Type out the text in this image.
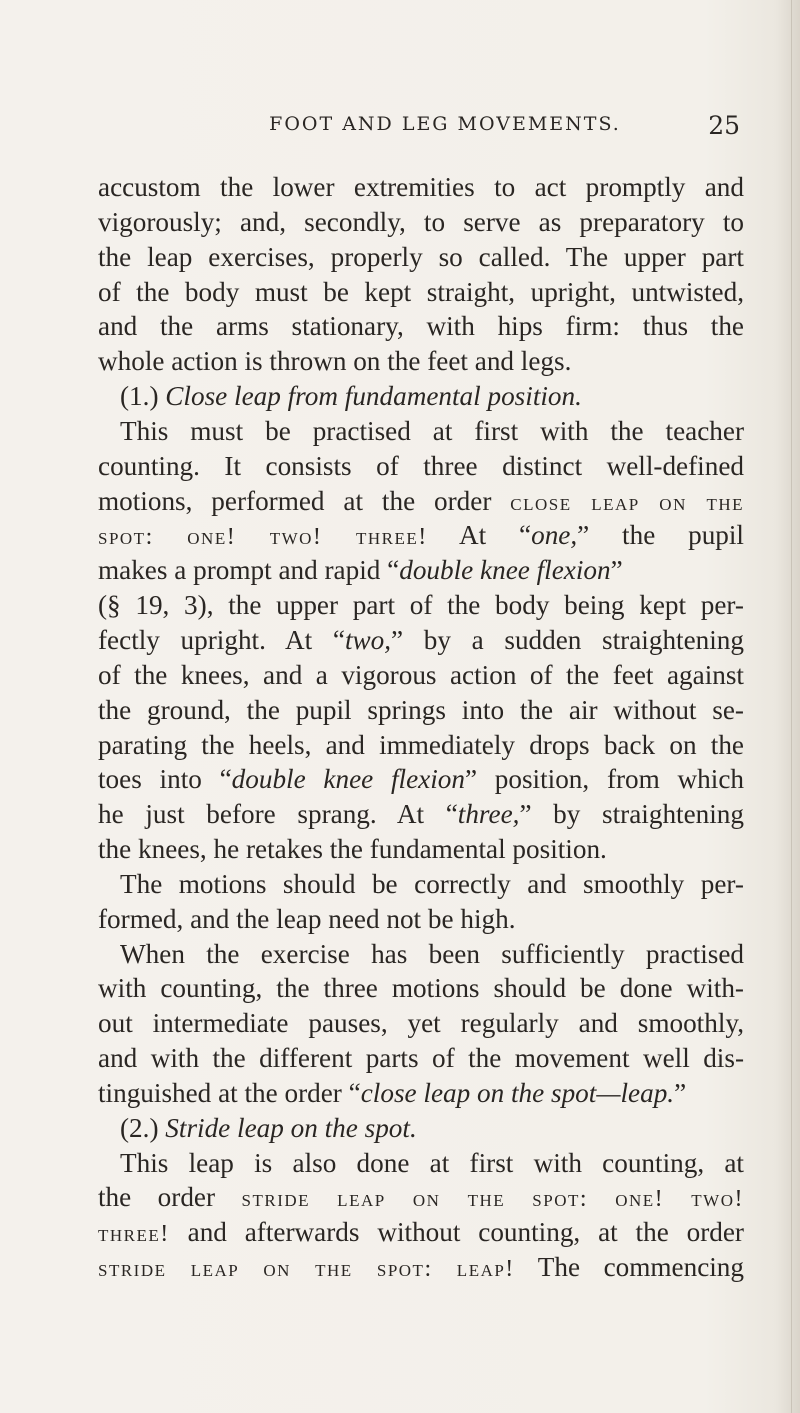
FOOT AND LEG MOVEMENTS.	25
accustom the lower extremities to act promptly and
vigorously; and, secondly, to serve as preparatory to
the leap exercises, properly so called. The upper part
of the body must be kept straight, upright, untwisted,
and the arms stationary, with hips firm: thus the
whole action is thrown on the feet and legs.
(1.) Close leap from fundamental position.
This must be practised at first with the teacher
counting. It consists of three distinct well-defined
motions, performed at the order close leap on the
spot: one! two! three! At “one,” the pupil
makes a prompt and rapid “double knee flexion”
(§ 19, 3), the upper part of the body being kept per-
fectly upright. At “two,” by a sudden straightening
of the knees, and a vigorous action of the feet against
the ground, the pupil springs into the air without se-
parating the heels, and immediately drops back on the
toes into “double knee flexion” position, from which
he just before sprang. At “three,” by straightening
the knees, he retakes the fundamental position.
The motions should be correctly and smoothly per-
formed, and the leap need not be high.
When the exercise has been sufficiently practised
with counting, the three motions should be done with-
out intermediate pauses, yet regularly and smoothly,
and with the different parts of the movement well dis-
tinguished at the order “close leap on the spot—leap.”
(2.) Stride leap on the spot.
This leap is also done at first with counting, at
the order stride leap on the spot: one! two!
three! and afterwards without counting, at the order
stride leap on the spot: leap! The commencing
